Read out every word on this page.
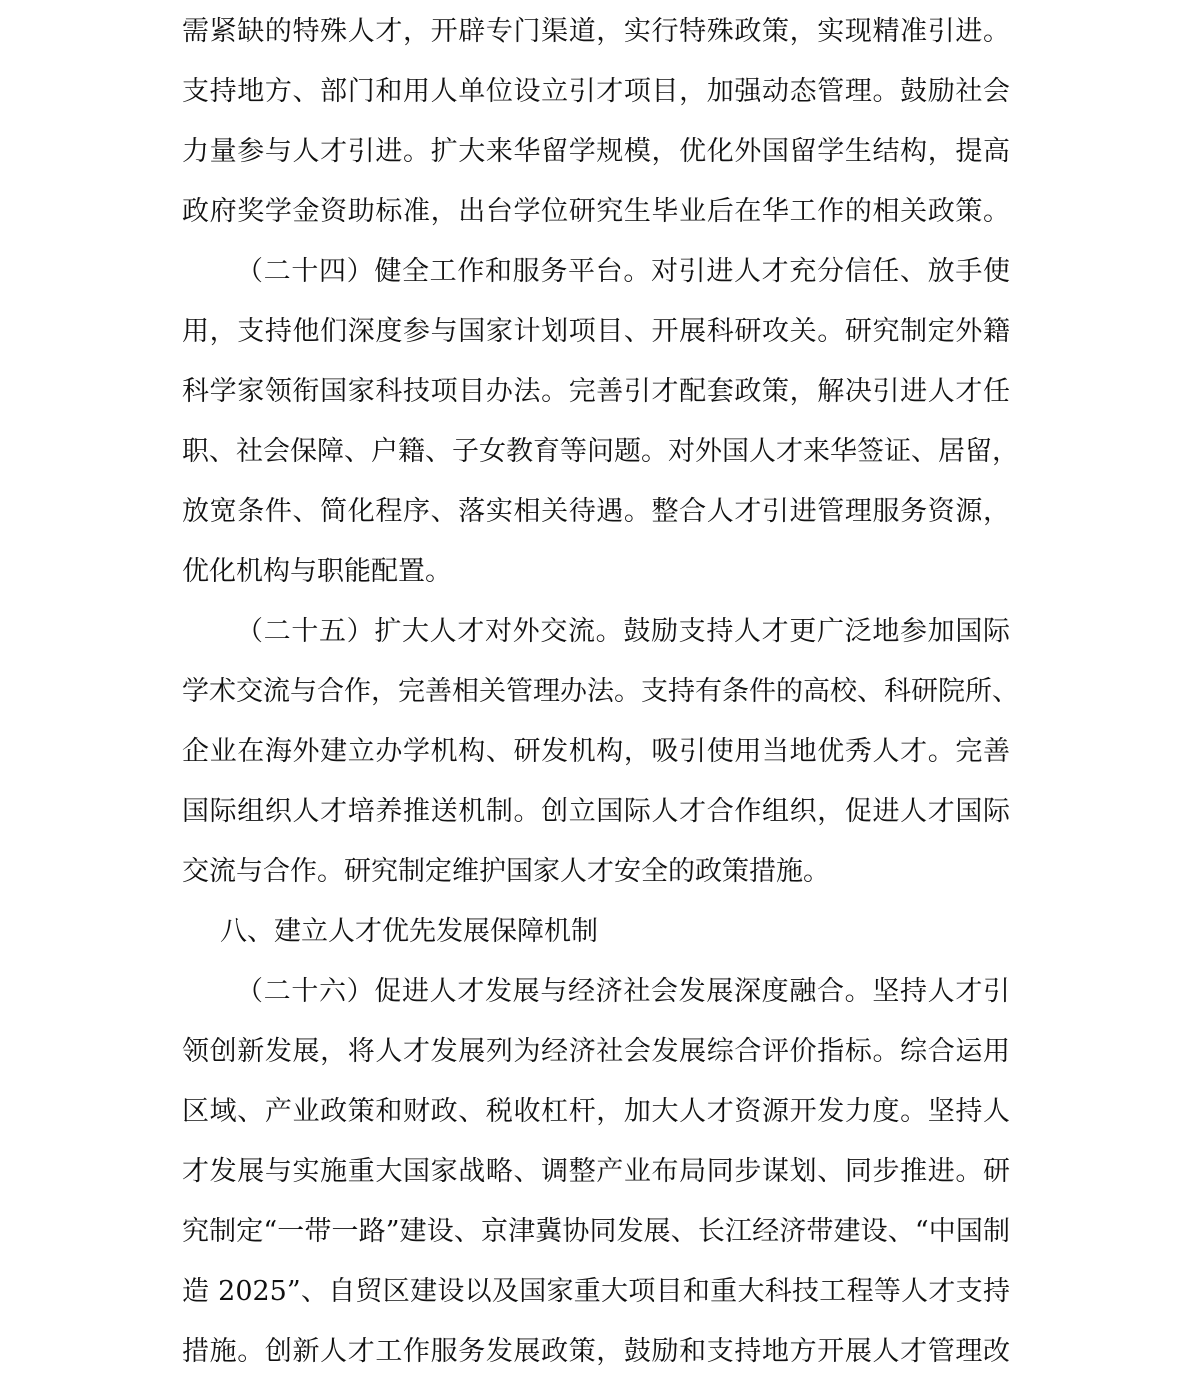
需紧缺的特殊人才，开辟专门渠道，实行特殊政策，实现精准引进。
支持地方、部门和用人单位设立引才项目，加强动态管理。鼓励社会
力量参与人才引进。扩大来华留学规模，优化外国留学生结构，提高
政府奖学金资助标准，出台学位研究生毕业后在华工作的相关政策。
（二十四）健全工作和服务平台。对引进人才充分信任、放手使
用，支持他们深度参与国家计划项目、开展科研攻关。研究制定外籍
科学家领衔国家科技项目办法。完善引才配套政策，解决引进人才任
职、社会保障、户籍、子女教育等问题。对外国人才来华签证、居留，
放宽条件、简化程序、落实相关待遇。整合人才引进管理服务资源，
优化机构与职能配置。
（二十五）扩大人才对外交流。鼓励支持人才更广泛地参加国际
学术交流与合作，完善相关管理办法。支持有条件的高校、科研院所、
企业在海外建立办学机构、研发机构，吸引使用当地优秀人才。完善
国际组织人才培养推送机制。创立国际人才合作组织，促进人才国际
交流与合作。研究制定维护国家人才安全的政策措施。
八、建立人才优先发展保障机制
（二十六）促进人才发展与经济社会发展深度融合。坚持人才引
领创新发展，将人才发展列为经济社会发展综合评价指标。综合运用
区域、产业政策和财政、税收杠杆，加大人才资源开发力度。坚持人
才发展与实施重大国家战略、调整产业布局同步谋划、同步推进。研
究制定“一带一路”建设、京津冀协同发展、长江经济带建设、“中国制
造 2025”、自贸区建设以及国家重大项目和重大科技工程等人才支持
措施。创新人才工作服务发展政策，鼓励和支持地方开展人才管理改
